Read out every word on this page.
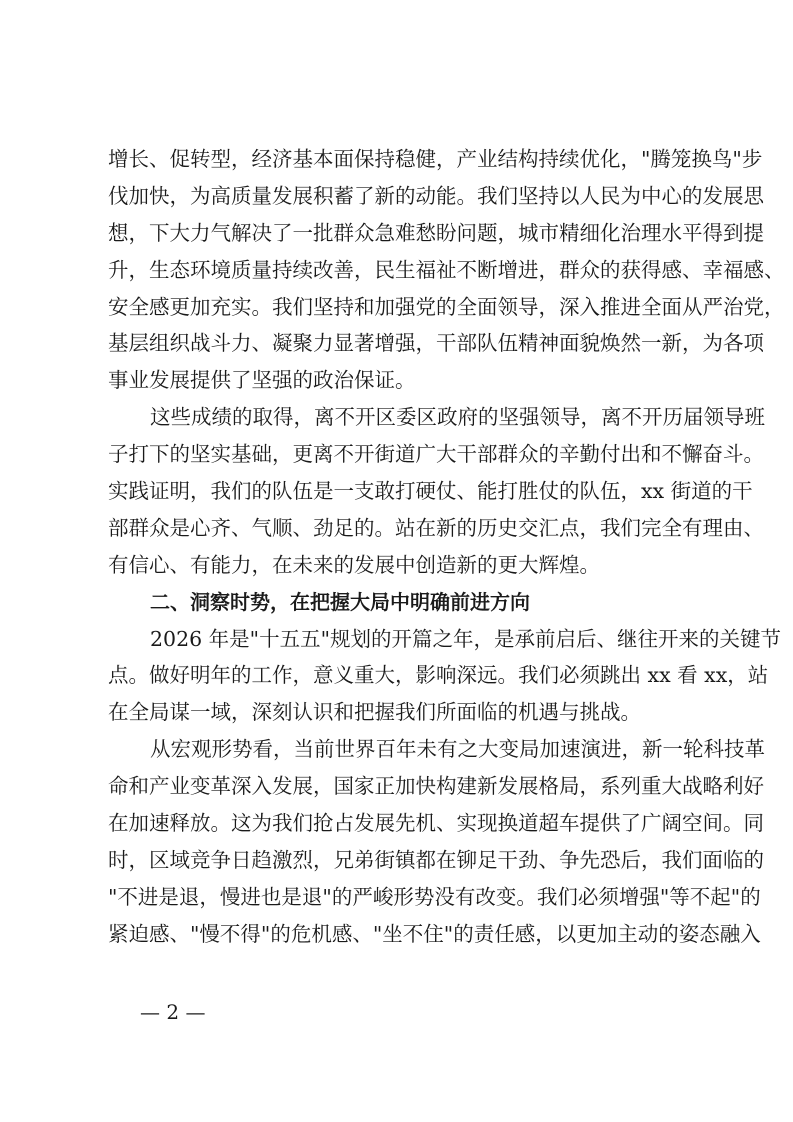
增长、促转型，经济基本面保持稳健，产业结构持续优化，"腾笼换鸟"步
伐加快，为高质量发展积蓄了新的动能。我们坚持以人民为中心的发展思
想，下大力气解决了一批群众急难愁盼问题，城市精细化治理水平得到提
升，生态环境质量持续改善，民生福祉不断增进，群众的获得感、幸福感、
安全感更加充实。我们坚持和加强党的全面领导，深入推进全面从严治党，
基层组织战斗力、凝聚力显著增强，干部队伍精神面貌焕然一新，为各项
事业发展提供了坚强的政治保证。
这些成绩的取得，离不开区委区政府的坚强领导，离不开历届领导班
子打下的坚实基础，更离不开街道广大干部群众的辛勤付出和不懈奋斗。
实践证明，我们的队伍是一支敢打硬仗、能打胜仗的队伍，xx 街道的干
部群众是心齐、气顺、劲足的。站在新的历史交汇点，我们完全有理由、
有信心、有能力，在未来的发展中创造新的更大辉煌。
二、洞察时势，在把握大局中明确前进方向
2026 年是"十五五"规划的开篇之年，是承前启后、继往开来的关键节
点。做好明年的工作，意义重大，影响深远。我们必须跳出 xx 看 xx，站
在全局谋一域，深刻认识和把握我们所面临的机遇与挑战。
从宏观形势看，当前世界百年未有之大变局加速演进，新一轮科技革
命和产业变革深入发展，国家正加快构建新发展格局，系列重大战略利好
在加速释放。这为我们抢占发展先机、实现换道超车提供了广阔空间。同
时，区域竞争日趋激烈，兄弟街镇都在铆足干劲、争先恐后，我们面临的
"不进是退，慢进也是退"的严峻形势没有改变。我们必须增强"等不起"的
紧迫感、"慢不得"的危机感、"坐不住"的责任感，以更加主动的姿态融入
— 2 —
